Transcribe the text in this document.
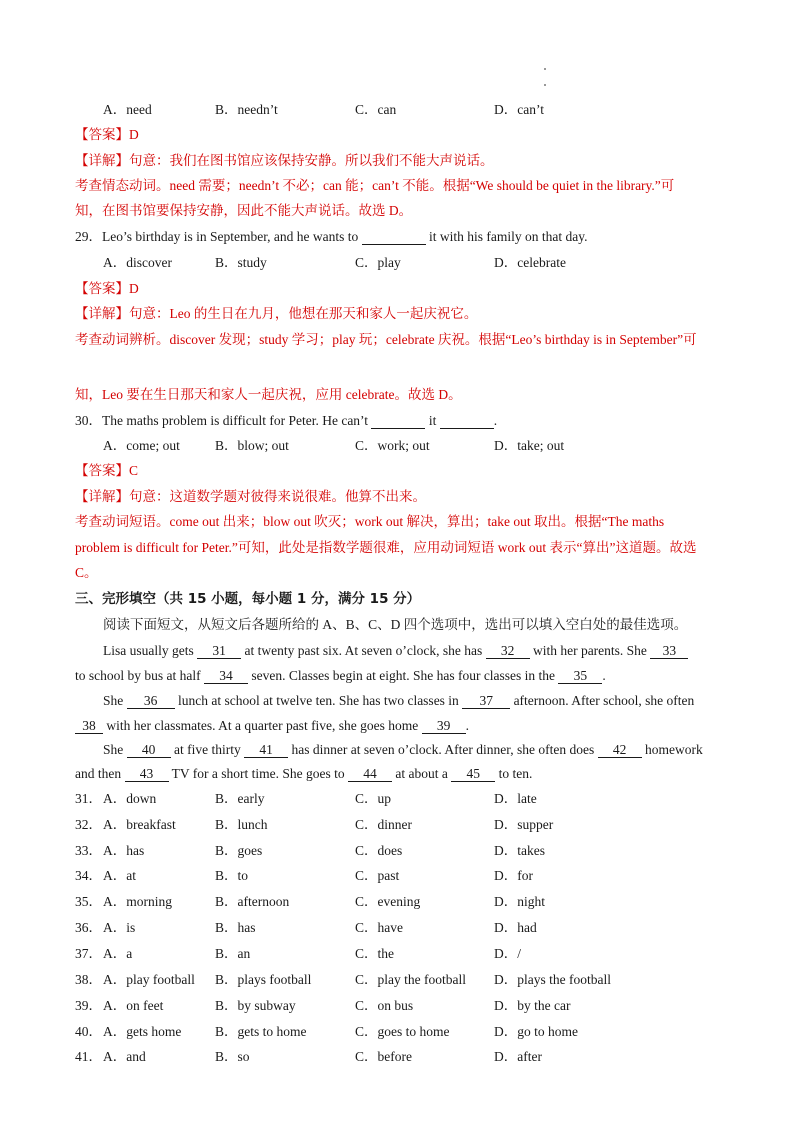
A．need	B．needn’t	C．can	D．can’t
【答案】D
【详解】句意：我们在图书馆应该保持安静。所以我们不能大声说话。
考查情态动词。need 需要；needn’t 不必；can 能；can’t 不能。根据“We should be quiet in the library.”可
知，在图书馆要保持安静，因此不能大声说话。故选 D。
29．Leo’s birthday is in September, and he wants to	it with his family on that day.
A．discover	B．study	C．play	D．celebrate
【答案】D
【详解】句意：Leo 的生日在九月，他想在那天和家人一起庆祝它。
考查动词辨析。discover 发现；study 学习；play 玩；celebrate 庆祝。根据“Leo’s birthday is in September”可
知，Leo 要在生日那天和家人一起庆祝，应用 celebrate。故选 D。
30．The maths problem is difficult for Peter. He can’t	it	.
A．come; out	B．blow; out	C．work; out	D．take; out
【答案】C
【详解】句意：这道数学题对彼得来说很难。他算不出来。
考查动词短语。come out 出来；blow out 吹灭；work out 解决，算出；take out 取出。根据“The maths
problem is difficult for Peter.”可知，此处是指数学题很难，应用动词短语 work out 表示“算出”这道题。故选
C。
三、完形填空（共 15 小题，每小题 1 分，满分 15 分）
阅读下面短文，从短文后各题所给的 A、B、C、D 四个选项中，选出可以填入空白处的最佳选项。
Lisa usually gets 31 at twenty past six. At seven o’clock, she has 32 with her parents. She 33
to school by bus at half 34 seven. Classes begin at eight. She has four classes in the 35 .
She 36 lunch at school at twelve ten. She has two classes in 37 afternoon. After school, she often
38 with her classmates. At a quarter past five, she goes home 39 .
She 40 at five thirty 41 has dinner at seven o’clock. After dinner, she often does 42 homework
and then 43 TV for a short time. She goes to 44 at about a 45 to ten.
31． A．down	B．early	C．up	D．late
32． A．breakfast	B．lunch	C．dinner	D．supper
33． A．has	B．goes	C．does	D．takes
34． A．at	B．to	C．past	D．for
35． A．morning	B．afternoon	C．evening	D．night
36． A．is	B．has	C．have	D．had
37． A．a	B．an	C．the	D．/
38． A．play football B．plays football	C．play the football D．plays the football
39． A．on feet	B．by subway	C．on bus	D．by the car
40． A．gets home B．gets to home	C．goes to home	D．go to home
41． A．and	B．so	C．before	D．after
